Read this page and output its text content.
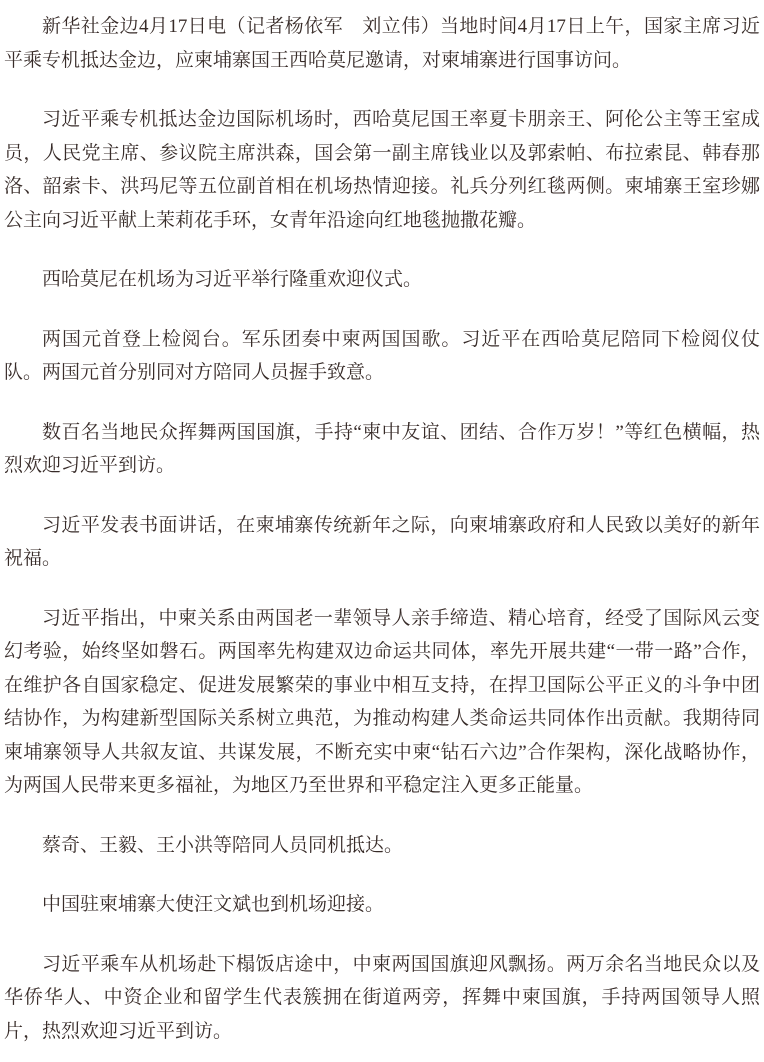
新华社金边4月17日电（记者杨依军　刘立伟）当地时间4月17日上午，国家主席习近平乘专机抵达金边，应柬埔寨国王西哈莫尼邀请，对柬埔寨进行国事访问。

习近平乘专机抵达金边国际机场时，西哈莫尼国王率夏卡朋亲王、阿伦公主等王室成员，人民党主席、参议院主席洪森，国会第一副主席钱业以及郭索帕、布拉索昆、韩春那洛、韶索卡、洪玛尼等五位副首相在机场热情迎接。礼兵分列红毯两侧。柬埔寨王室珍娜公主向习近平献上茉莉花手环，女青年沿途向红地毯抛撒花瓣。

西哈莫尼在机场为习近平举行隆重欢迎仪式。

两国元首登上检阅台。军乐团奏中柬两国国歌。习近平在西哈莫尼陪同下检阅仪仗队。两国元首分别同对方陪同人员握手致意。

数百名当地民众挥舞两国国旗，手持“柬中友谊、团结、合作万岁！”等红色横幅，热烈欢迎习近平到访。

习近平发表书面讲话，在柬埔寨传统新年之际，向柬埔寨政府和人民致以美好的新年祝福。

习近平指出，中柬关系由两国老一辈领导人亲手缔造、精心培育，经受了国际风云变幻考验，始终坚如磐石。两国率先构建双边命运共同体，率先开展共建“一带一路”合作，在维护各自国家稳定、促进发展繁荣的事业中相互支持，在捍卫国际公平正义的斗争中团结协作，为构建新型国际关系树立典范，为推动构建人类命运共同体作出贡献。我期待同柬埔寨领导人共叙友谊、共谋发展，不断充实中柬“钻石六边”合作架构，深化战略协作，为两国人民带来更多福祉，为地区乃至世界和平稳定注入更多正能量。

蔡奇、王毅、王小洪等陪同人员同机抵达。

中国驻柬埔寨大使汪文斌也到机场迎接。

习近平乘车从机场赴下榻饭店途中，中柬两国国旗迎风飘扬。两万余名当地民众以及华侨华人、中资企业和留学生代表簇拥在街道两旁，挥舞中柬国旗，手持两国领导人照片，热烈欢迎习近平到访。
